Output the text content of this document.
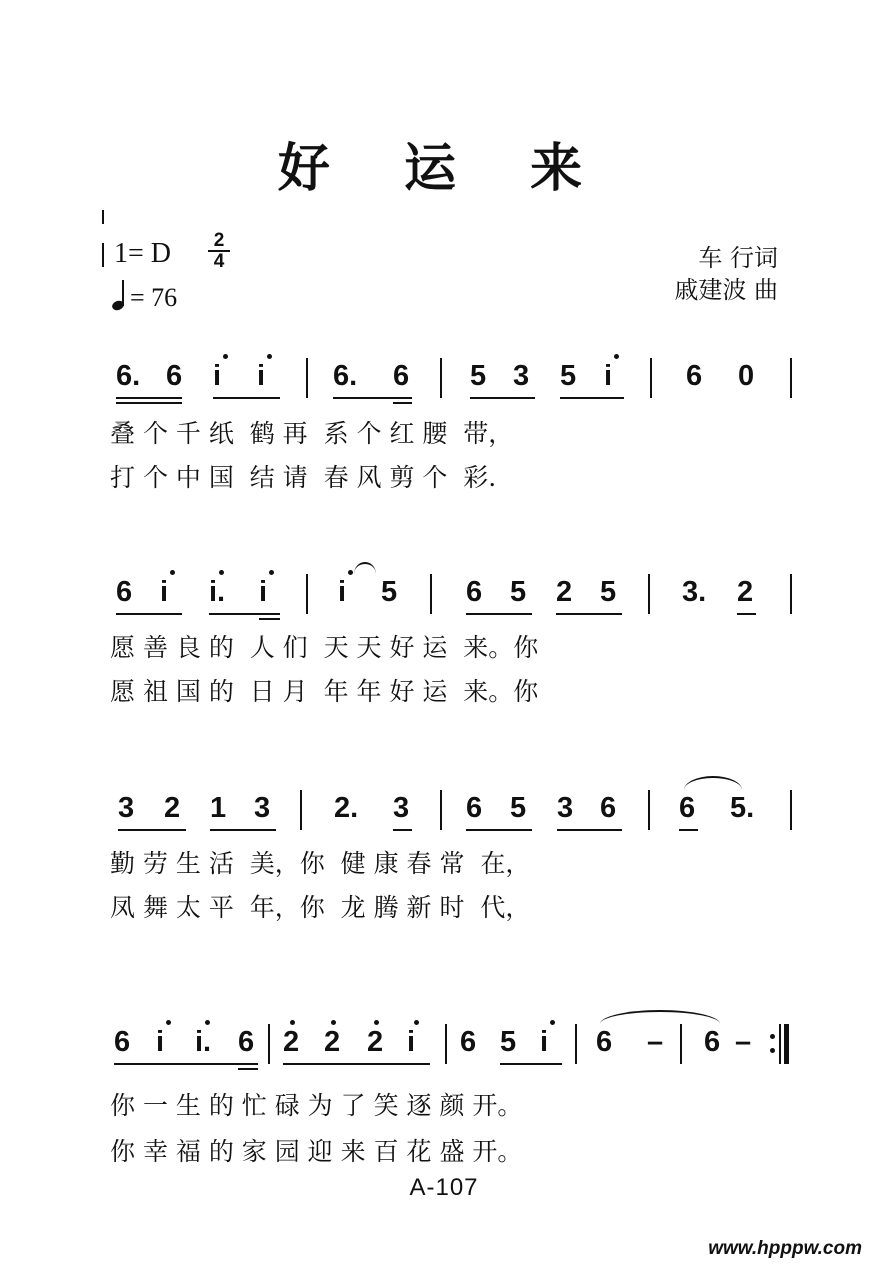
好 运 来
1= D	2
4
= 76
车 行词
戚建波 曲
6. 6 i i 6. 6 5 3 5 i	6 0
叠 个 千 纸  鹤 再  系 个 红 腰  带，
打 个 中 国  结 请  春 风 剪 个  彩.
6 i i. i i 5 6 5 2 5 3. 2
愿 善 良 的  人 们  天 天 好 运  来。你
愿 祖 国 的  日 月  年 年 好 运  来。你
3 2 1 3 2. 3 6 5 3 6 6 5.
勤 劳 生 活  美，你  健 康 春 常  在，
凤 舞 太 平  年，你  龙 腾 新 时  代，
6 i i. 6 2 2 2 i 6 5 i 6 – 6 –
你 一 生 的 忙 碌 为 了 笑 逐 颜 开。
你 幸 福 的 家 园 迎 来 百 花 盛 开。
A-107
www.hpppw.com
